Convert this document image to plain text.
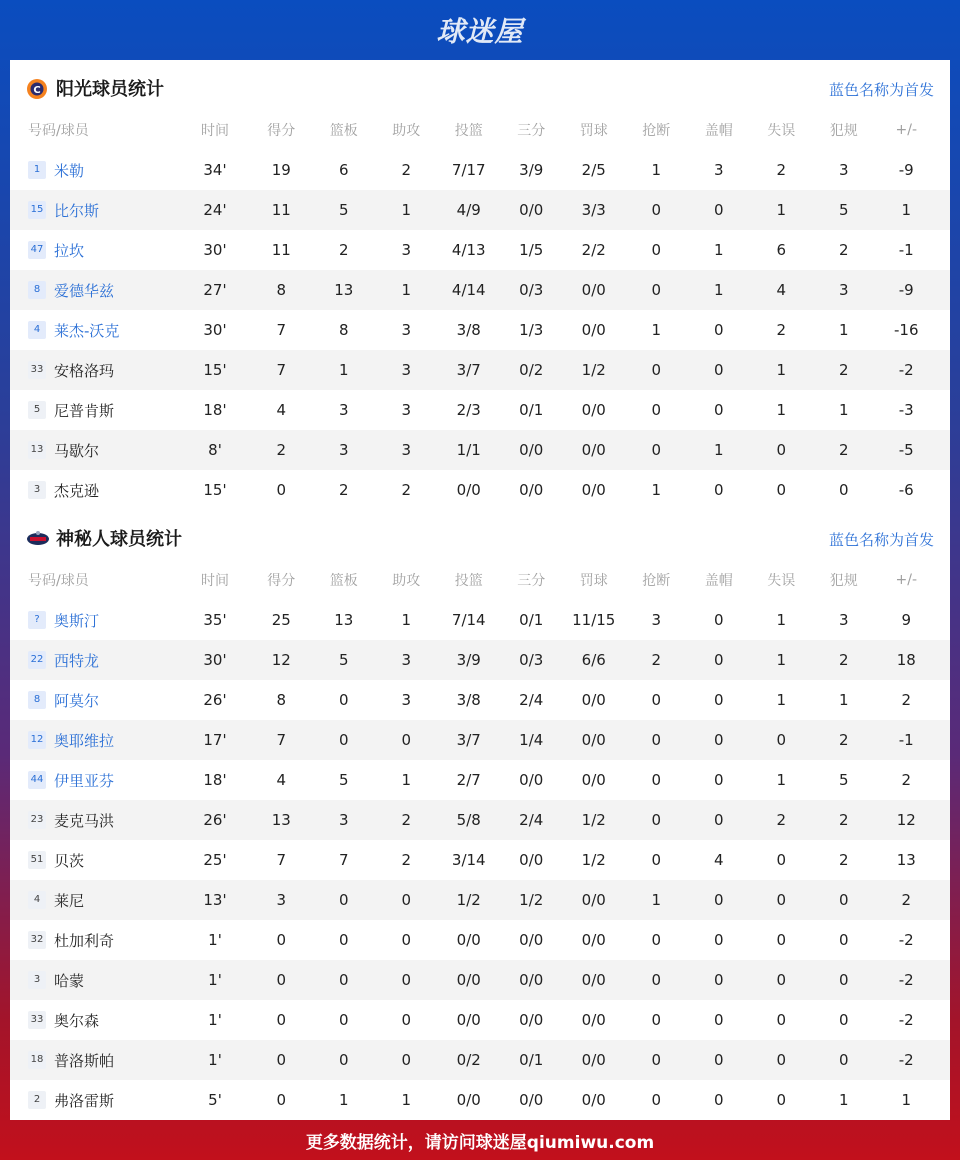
球迷屋
C 阳光球员统计	蓝色名称为首发
号码/球员	时间	得分	篮板	助攻	投篮	三分	罚球	抢断	盖帽	失误	犯规	+/-
1 米勒	34'	19	6	2	7/17	3/9	2/5	1	3	2	3	-9
15 比尔斯	24'	11	5	1	4/9	0/0	3/3	0	0	1	5	1
47 拉坎	30'	11	2	3	4/13	1/5	2/2	0	1	6	2	-1
8 爱德华兹	27'	8	13	1	4/14	0/3	0/0	0	1	4	3	-9
4 莱杰-沃克	30'	7	8	3	3/8	1/3	0/0	1	0	2	1	-16
33 安格洛玛	15'	7	1	3	3/7	0/2	1/2	0	0	1	2	-2
5 尼普肯斯	18'	4	3	3	2/3	0/1	0/0	0	0	1	1	-3
13 马歇尔	8'	2	3	3	1/1	0/0	0/0	0	1	0	2	-5
3 杰克逊	15'	0	2	2	0/0	0/0	0/0	1	0	0	0	-6
神秘人球员统计	蓝色名称为首发
号码/球员	时间	得分	篮板	助攻	投篮	三分	罚球	抢断	盖帽	失误	犯规	+/-
? 奥斯汀	35'	25	13	1	7/14	0/1	11/15	3	0	1	3	9
22 西特龙	30'	12	5	3	3/9	0/3	6/6	2	0	1	2	18
8 阿莫尔	26'	8	0	3	3/8	2/4	0/0	0	0	1	1	2
12 奥耶维拉	17'	7	0	0	3/7	1/4	0/0	0	0	0	2	-1
44 伊里亚芬	18'	4	5	1	2/7	0/0	0/0	0	0	1	5	2
23 麦克马洪	26'	13	3	2	5/8	2/4	1/2	0	0	2	2	12
51 贝茨	25'	7	7	2	3/14	0/0	1/2	0	4	0	2	13
4 莱尼	13'	3	0	0	1/2	1/2	0/0	1	0	0	0	2
32 杜加利奇	1'	0	0	0	0/0	0/0	0/0	0	0	0	0	-2
3 哈蒙	1'	0	0	0	0/0	0/0	0/0	0	0	0	0	-2
33 奥尔森	1'	0	0	0	0/0	0/0	0/0	0	0	0	0	-2
18 普洛斯帕	1'	0	0	0	0/2	0/1	0/0	0	0	0	0	-2
2 弗洛雷斯	5'	0	1	1	0/0	0/0	0/0	0	0	0	1	1
更多数据统计，请访问球迷屋qiumiwu.com
